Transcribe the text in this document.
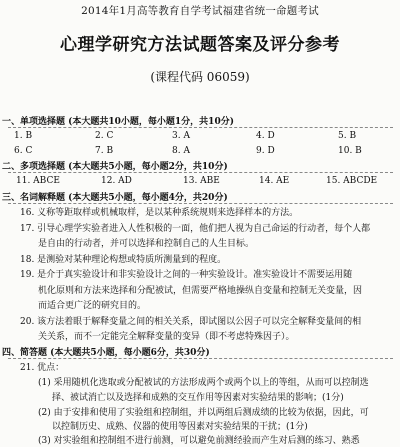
2014年1月高等教育自学考试福建省统一命题考试
心理学研究方法试题答案及评分参考
(课程代码 06059)
一、单项选择题 (本大题共10小题，每小题1分，共10分)
1. B	2. C	3. A	4. D	5. B
6. C	7. B	8. A	9. D	10. B
二、多项选择题 (本大题共5小题，每小题2分，共10分)
11. ABCE	12. AD	13. ABE	14. AE	15. ABCDE
三、名词解释题 (本大题共5小题，每小题4分，共20分)
16. 义称等距取样或机械取样，是以某种系统规则来选择样本的方法。
17. 引导心理学实验者进入人性积极的一面，他们把人视为自己命运的行动者，每个人都
是自由的行动者，并可以选择和控制自己的人生目标。
18. 是测验对某种理论构想或特质所测量到的程度。
19. 是介于真实验设计和非实验设计之间的一种实验设计。准实验设计不需要运用随
机化原则和方法来选择和分配被试，但需要严格地操纵自变量和控制无关变量，因
而适合更广泛的研究目的。
20. 该方法着眼于解释变量之间的相关关系，即试图以公因子可以完全解释变量间的相
关关系，而不一定能完全解释变量的变异（即不考虑特殊因子）。
四、简答题 (本大题共5小题，每小题6分，共30分)
21. 优点：
(1) 采用随机化选取或分配被试的方法形成两个或两个以上的等组，从而可以控制选
择、被试消亡以及选择和成熟的交互作用等因素对实验结果的影响；(1分)
(2) 由于安排和使用了实验组和控制组，并以两组后测成绩的比较为依据，因此，可
以控制历史、成熟、仪器的使用等因素对实验结果的干扰；(1分)
(3) 对实验组和控制组不进行前测，可以避免前测经验而产生对后测的练习、熟悉
